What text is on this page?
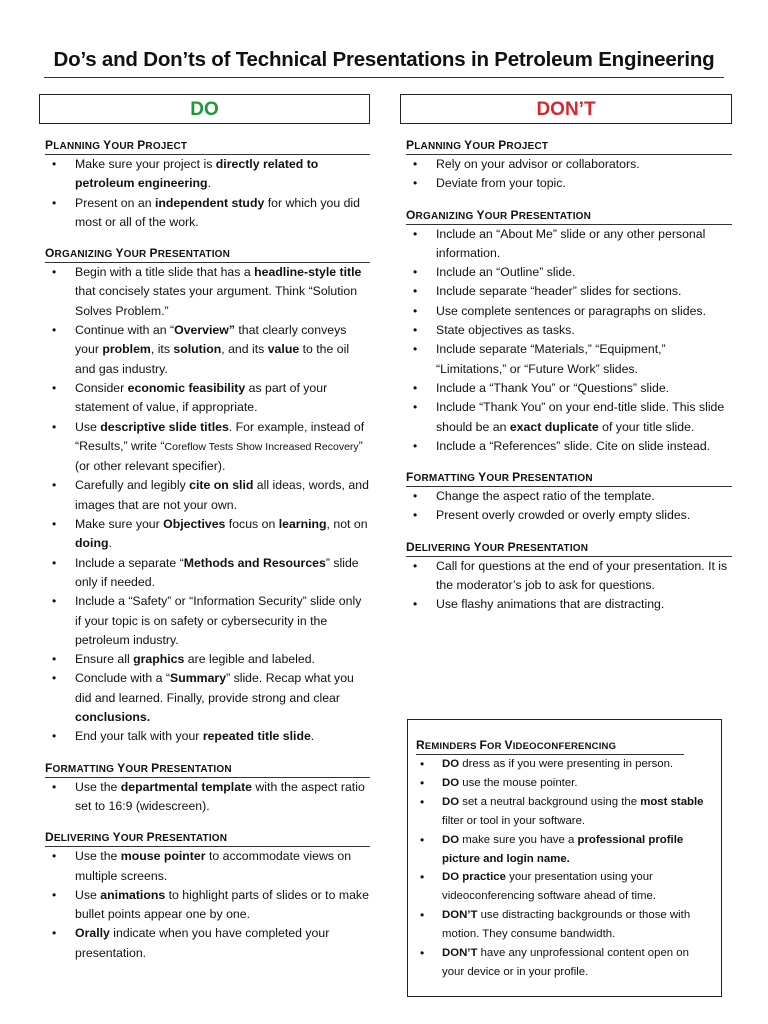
Do’s and Don’ts of Technical Presentations in Petroleum Engineering
DO
PLANNING YOUR PROJECT
• Make sure your project is directly related to petroleum engineering.
• Present on an independent study for which you did most or all of the work.
ORGANIZING YOUR PRESENTATION
• Begin with a title slide that has a headline-style title that concisely states your argument. Think “Solution Solves Problem.”
• Continue with an “Overview” that clearly conveys your problem, its solution, and its value to the oil and gas industry.
• Consider economic feasibility as part of your statement of value, if appropriate.
• Use descriptive slide titles. For example, instead of “Results,” write “Coreflow Tests Show Increased Recovery” (or other relevant specifier).
• Carefully and legibly cite on slid all ideas, words, and images that are not your own.
• Make sure your Objectives focus on learning, not on doing.
• Include a separate “Methods and Resources” slide only if needed.
• Include a “Safety” or “Information Security” slide only if your topic is on safety or cybersecurity in the petroleum industry.
• Ensure all graphics are legible and labeled.
• Conclude with a “Summary” slide. Recap what you did and learned. Finally, provide strong and clear conclusions.
• End your talk with your repeated title slide.
FORMATTING YOUR PRESENTATION
• Use the departmental template with the aspect ratio set to 16:9 (widescreen).
DELIVERING YOUR PRESENTATION
• Use the mouse pointer to accommodate views on multiple screens.
• Use animations to highlight parts of slides or to make bullet points appear one by one.
• Orally indicate when you have completed your presentation.
DON’T
PLANNING YOUR PROJECT
• Rely on your advisor or collaborators.
• Deviate from your topic.
ORGANIZING YOUR PRESENTATION
• Include an “About Me” slide or any other personal information.
• Include an “Outline” slide.
• Include separate “header” slides for sections.
• Use complete sentences or paragraphs on slides.
• State objectives as tasks.
• Include separate “Materials,” “Equipment,” “Limitations,” or “Future Work” slides.
• Include a “Thank You” or “Questions” slide.
• Include “Thank You” on your end-title slide. This slide should be an exact duplicate of your title slide.
• Include a “References” slide. Cite on slide instead.
FORMATTING YOUR PRESENTATION
• Change the aspect ratio of the template.
• Present overly crowded or overly empty slides.
DELIVERING YOUR PRESENTATION
• Call for questions at the end of your presentation. It is the moderator’s job to ask for questions.
• Use flashy animations that are distracting.
REMINDERS FOR VIDEOCONFERENCING
• DO dress as if you were presenting in person.
• DO use the mouse pointer.
• DO set a neutral background using the most stable filter or tool in your software.
• DO make sure you have a professional profile picture and login name.
• DO practice your presentation using your videoconferencing software ahead of time.
• DON’T use distracting backgrounds or those with motion. They consume bandwidth.
• DON’T have any unprofessional content open on your device or in your profile.
